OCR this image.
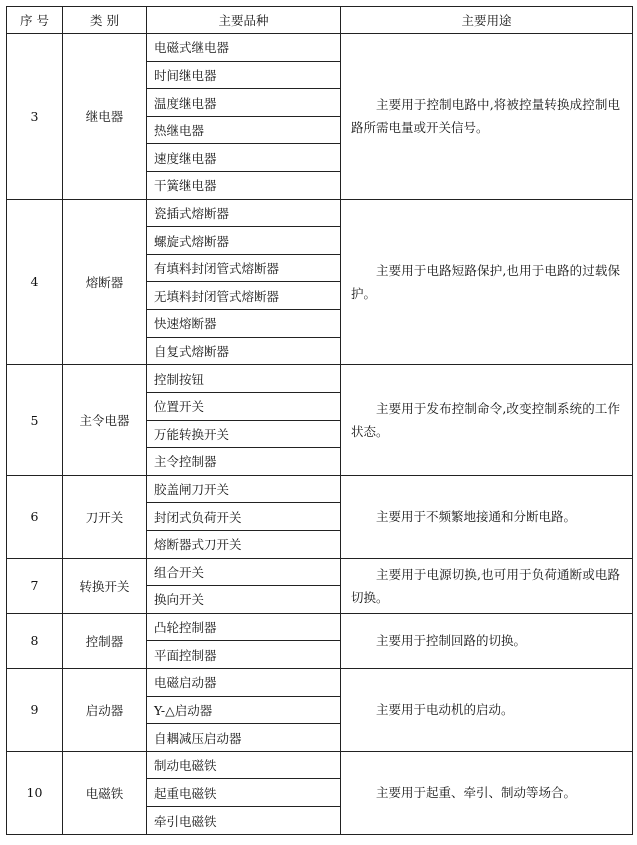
序 号	类 别	主要品种	主要用途
3	继电器	电磁式继电器	主要用于控制电路中,将被控量转换成控制电路所需电量或开关信号。
		时间继电器	
		温度继电器	
		热继电器	
		速度继电器	
		干簧继电器	
4	熔断器	瓷插式熔断器	主要用于电路短路保护,也用于电路的过载保护。
		螺旋式熔断器	
		有填料封闭管式熔断器	
		无填料封闭管式熔断器	
		快速熔断器	
		自复式熔断器	
5	主令电器	控制按钮	主要用于发布控制命令,改变控制系统的工作状态。
		位置开关	
		万能转换开关	
		主令控制器	
6	刀开关	胶盖闸刀开关	主要用于不频繁地接通和分断电路。
		封闭式负荷开关	
		熔断器式刀开关	
7	转换开关	组合开关	主要用于电源切换,也可用于负荷通断或电路切换。
		换向开关	
8	控制器	凸轮控制器	主要用于控制回路的切换。
		平面控制器	
9	启动器	电磁启动器	主要用于电动机的启动。
		Y-△启动器	
		自耦减压启动器	
10	电磁铁	制动电磁铁	主要用于起重、牵引、制动等场合。
		起重电磁铁	
		牵引电磁铁	
